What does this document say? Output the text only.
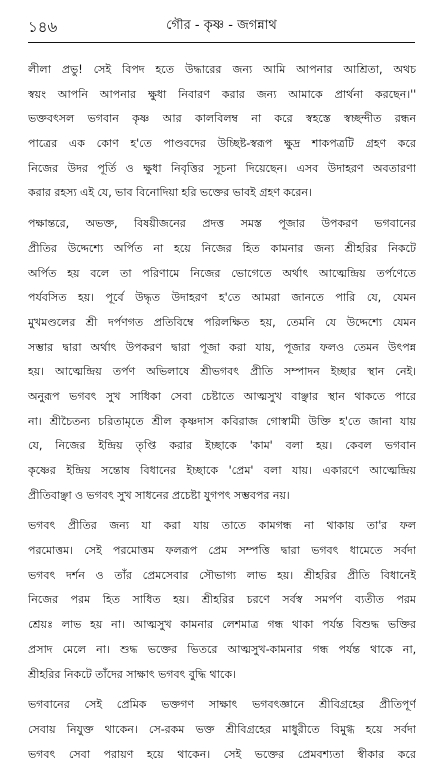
১৪৬	গৌর - কৃষ্ণ - জগন্নাথ
লীলা প্রভু! সেই বিপদ হতে উদ্ধারের জন্য আমি আপনার আশ্রিতা, অথচ
স্বয়ং আপনি আপনার ক্ষুধা নিবারণ করার জন্য আমাকে প্রার্থনা করছেন।''
ভক্তবৎসল ভগবান কৃষ্ণ আর কালবিলম্ব না করে স্বহস্তে স্বচ্ছন্দীত রন্ধন
পাত্রের এক কোণ হ'তে পাণ্ডবদের উচ্ছিষ্ট-স্বরূপ ক্ষুদ্র শাকপত্রটি গ্রহণ করে
নিজের উদর পূর্তি ও ক্ষুধা নিবৃত্তির সূচনা দিয়েছেন। এসব উদাহরণ অবতারণা
করার রহস্য এই যে, ভাব বিনোদিয়া হরি ভক্তের ভাবই গ্রহণ করেন।
পক্ষান্তরে, অভক্ত, বিষয়ীজনের প্রদত্ত সমস্ত পূজার উপকরণ ভগবানের
প্রীতির উদ্দেশ্যে অর্পিত না হয়ে নিজের হিত কামনার জন্য শ্রীহরির নিকটে
অর্পিত হয় বলে তা পরিণামে নিজের ভোগেতে অর্থাৎ আত্মেন্দ্রিয় তর্পণেতে
পর্যবসিত হয়। পূর্বে উদ্ধৃত উদাহরণ হ'তে আমরা জানতে পারি যে, যেমন
মুখমণ্ডলের শ্রী দর্পণগত প্রতিবিম্বে পরিলক্ষিত হয়, তেমনি যে উদ্দেশ্যে যেমন
সম্ভার দ্বারা অর্থাৎ উপকরণ দ্বারা পূজা করা যায়, পূজার ফলও তেমন উৎপন্ন
হয়। আত্মেন্দ্রিয় তর্পণ অভিলাষে শ্রীভগবৎ প্রীতি সম্পাদন ইচ্ছার স্থান নেই।
অনুরূপ ভগবৎ সুখ সাধিকা সেবা চেষ্টাতে আত্মসুখ বাঞ্ছার স্থান থাকতে পারে
না। শ্রীচৈতন্য চরিতামৃতে শ্রীল কৃষ্ণদাস কবিরাজ গোস্বামী উক্তি হ'তে জানা যায়
যে, নিজের ইন্দ্রিয় তৃপ্তি করার ইচ্ছাকে 'কাম' বলা হয়। কেবল ভগবান
কৃষ্ণের ইন্দ্রিয় সন্তোষ বিধানের ইচ্ছাকে 'প্রেম' বলা যায়। একারণে আত্মেন্দ্রিয়
প্রীতিবাঞ্ছা ও ভগবৎ সুখ সাধনের প্রচেষ্টা যুগপৎ সম্ভবপর নয়।
ভগবৎ প্রীতির জন্য যা করা যায় তাতে কামগন্ধ না থাকায় তা'র ফল
পরমোত্তম। সেই পরমোত্তম ফলরূপ প্রেম সম্পত্তি দ্বারা ভগবৎ ধামেতে সর্বদা
ভগবৎ দর্শন ও তাঁর প্রেমসেবার সৌভাগ্য লাভ হয়। শ্রীহরির প্রীতি বিধানেই
নিজের পরম হিত সাধিত হয়। শ্রীহরির চরণে সর্বস্ব সমর্পণ ব্যতীত পরম
শ্রেয়ঃ লাভ হয় না। আত্মসুখ কামনার লেশমাত্র গন্ধ থাকা পর্যন্ত বিশুদ্ধ ভক্তির
প্রসাদ মেলে না। শুদ্ধ ভক্তের ভিতরে আত্মসুখ-কামনার গন্ধ পর্যন্ত থাকে না,
শ্রীহরির নিকটে তাঁদের সাক্ষাৎ ভগবৎ বুদ্ধি থাকে।
ভগবানের সেই প্রেমিক ভক্তগণ সাক্ষাৎ ভগবৎজ্ঞানে শ্রীবিগ্রহের প্রীতিপূর্ণ
সেবায় নিযুক্ত থাকেন। সে-রকম ভক্ত শ্রীবিগ্রহের মাধুরীতে বিমুগ্ধ হয়ে সর্বদা
ভগবৎ সেবা পরায়ণ হয়ে থাকেন। সেই ভক্তের প্রেমবশ্যতা স্বীকার করে
